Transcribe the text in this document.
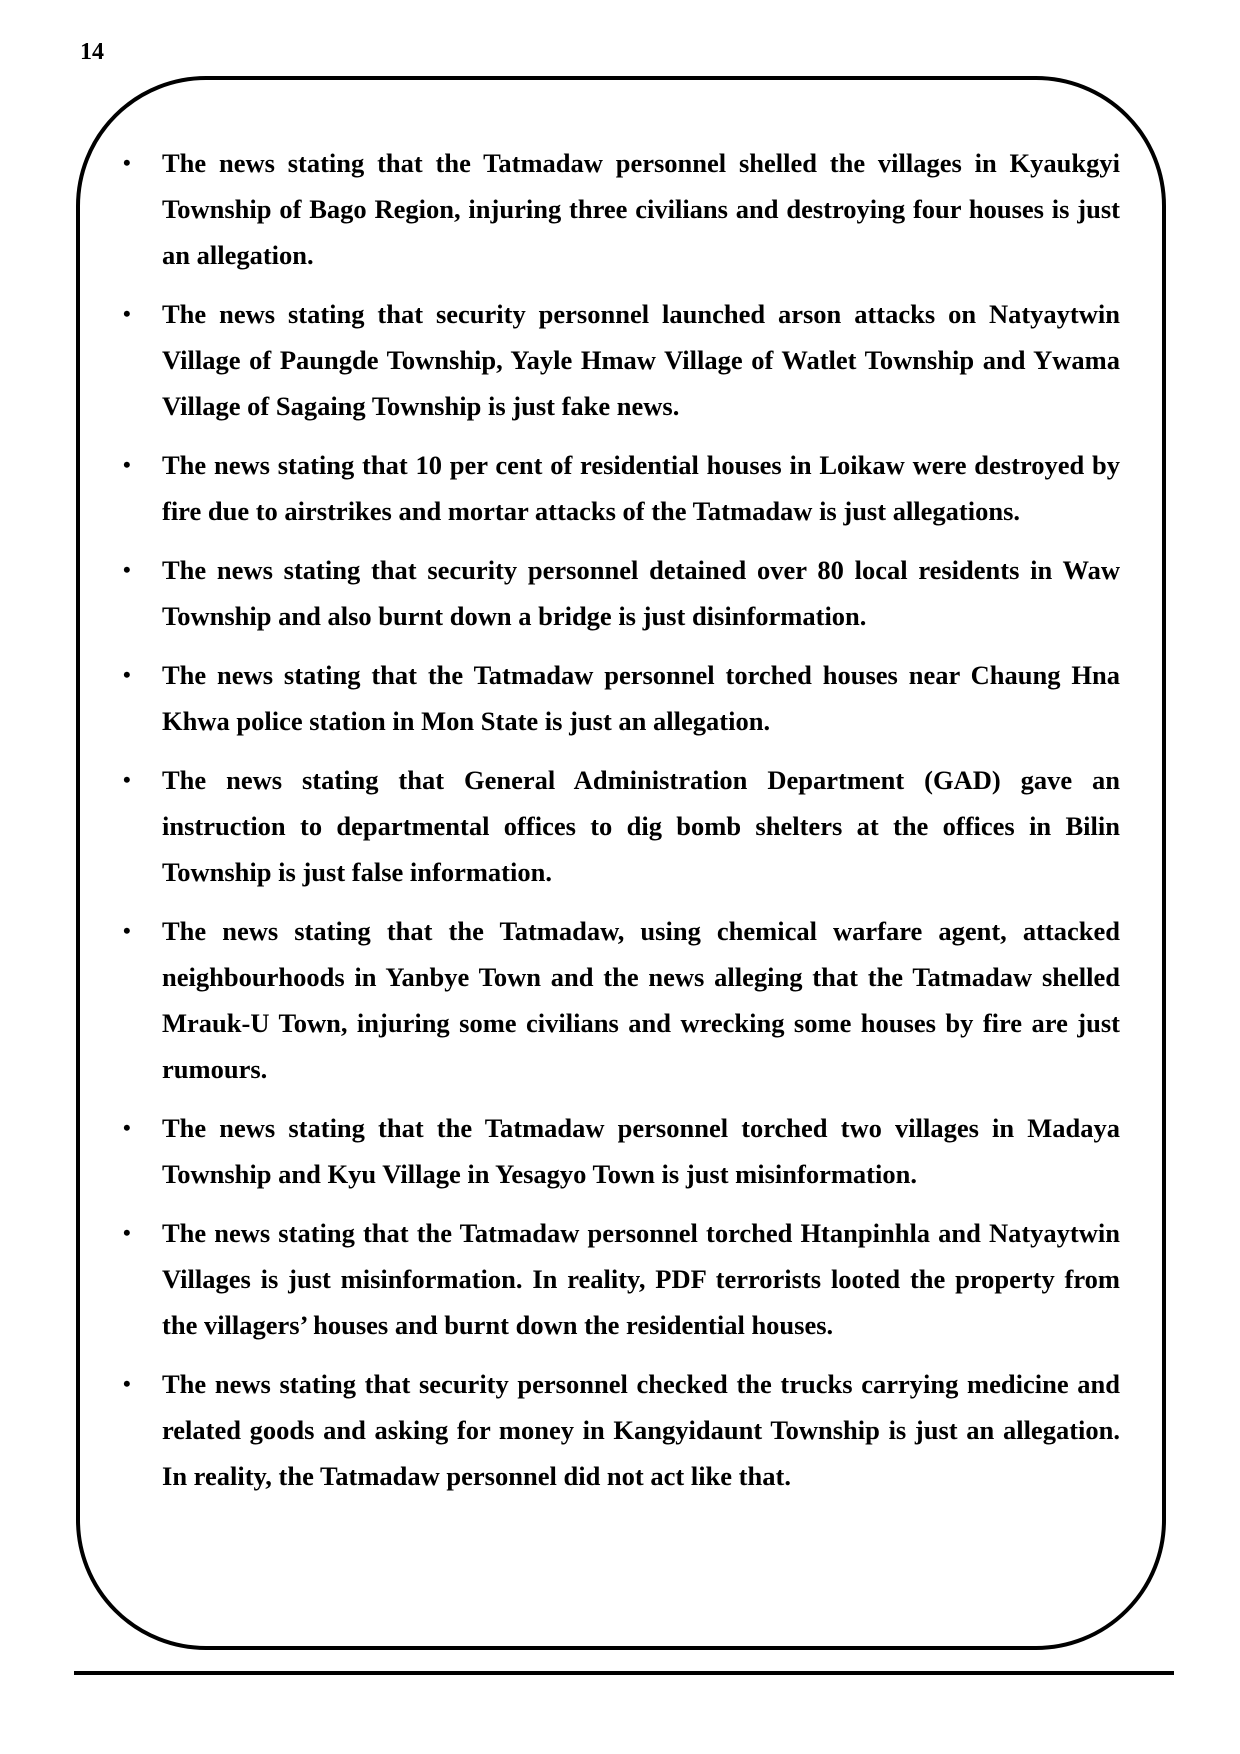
14
• The news stating that the Tatmadaw personnel shelled the villages in Kyaukgyi Township of Bago Region, injuring three civilians and destroying four houses is just an allegation.
• The news stating that security personnel launched arson attacks on Natyaytwin Village of Paungde Township, Yayle Hmaw Village of Watlet Township and Ywama Village of Sagaing Township is just fake news.
• The news stating that 10 per cent of residential houses in Loikaw were destroyed by fire due to airstrikes and mortar attacks of the Tatmadaw is just allegations.
• The news stating that security personnel detained over 80 local residents in Waw Township and also burnt down a bridge is just disinformation.
• The news stating that the Tatmadaw personnel torched houses near Chaung Hna Khwa police station in Mon State is just an allegation.
• The news stating that General Administration Department (GAD) gave an instruction to departmental offices to dig bomb shelters at the offices in Bilin Township is just false information.
• The news stating that the Tatmadaw, using chemical warfare agent, attacked neighbourhoods in Yanbye Town and the news alleging that the Tatmadaw shelled Mrauk-U Town, injuring some civilians and wrecking some houses by fire are just rumours.
• The news stating that the Tatmadaw personnel torched two villages in Madaya Township and Kyu Village in Yesagyo Town is just misinformation.
• The news stating that the Tatmadaw personnel torched Htanpinhla and Natyaytwin Villages is just misinformation. In reality, PDF terrorists looted the property from the villagers’ houses and burnt down the residential houses.
• The news stating that security personnel checked the trucks carrying medicine and related goods and asking for money in Kangyidaunt Township is just an allegation. In reality, the Tatmadaw personnel did not act like that.
